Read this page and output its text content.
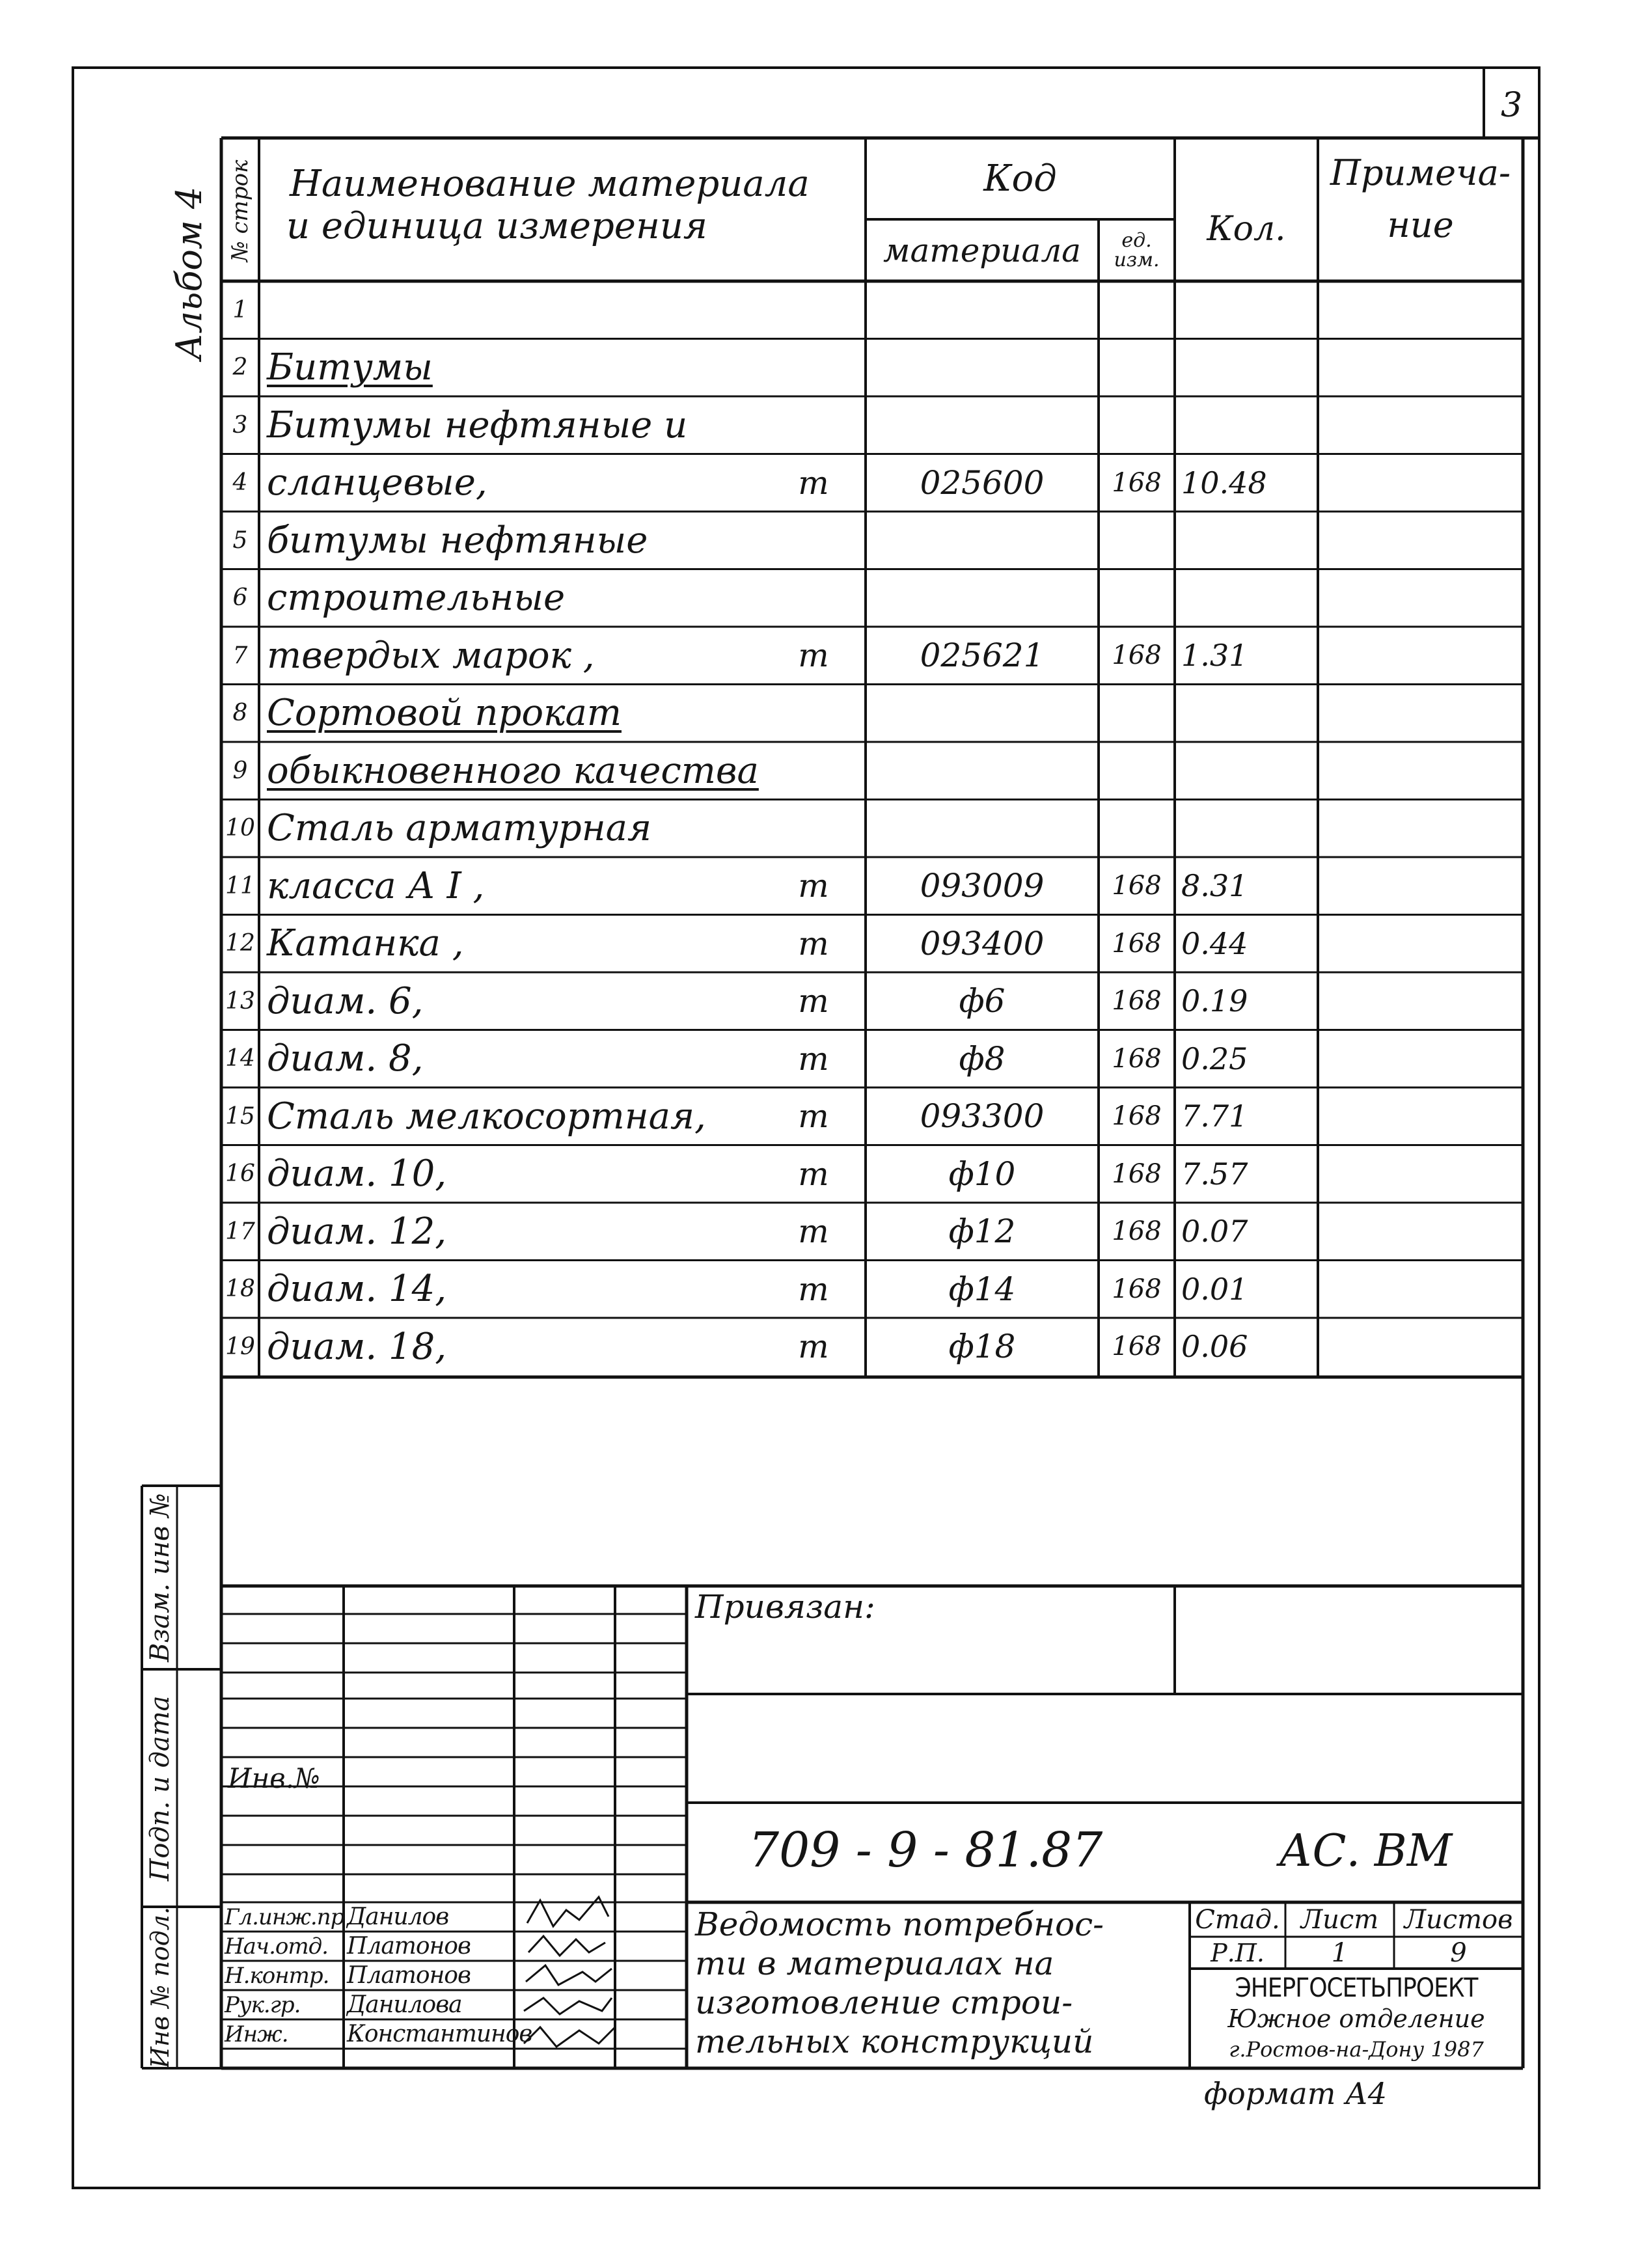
3
Альбом 4 № строк Наименование материала
и единица измерения
Код
материала	ед. изм.
Кол.
Примеча-
ние
1
2 Битумы
3 Битумы нефтяные и
4 сланцевые,	т	025600	168 10.48
5 битумы нефтяные
6 строительные
7 твердых марок ,	т	025621	168 1.31
8 Сортовой прокат
9 обыкновенного качества
10 Сталь арматурная
11 класса А I ,	т	093009	168 8.31
12 Катанка ,	т	093400	168 0.44
13 диам. 6,	т	ф6	168 0.19
14 диам. 8,	т	ф8	168 0.25
15 Сталь мелкосортная,	т	093300	168 7.71
16 диам. 10,	т	ф10	168 7.57
17 диам. 12,	т	ф12	168 0.07
18 диам. 14,	т	ф14	168 0.01
19 диам. 18,	т	ф18	168 0.06
Взам. инв №
Подп. и дата
Инв № подл.
Привязан:
Инв.№
709 - 9 - 81.87	АС. ВМ
Гл.инж.пр Данилов
Нач.отд. Платонов
Н.контр. Платонов
Рук.гр.	Данилова
Инж.	Константинов
Ведомость потребнос-
ти в материалах на
изготовление строи-
тельных конструкций
Стад. Лист Листов
Р.П.	1	9
ЭНЕРГОСЕТЬПРОЕКТ
Южное отделение
г.Ростов-на-Дону 1987
формат А4
